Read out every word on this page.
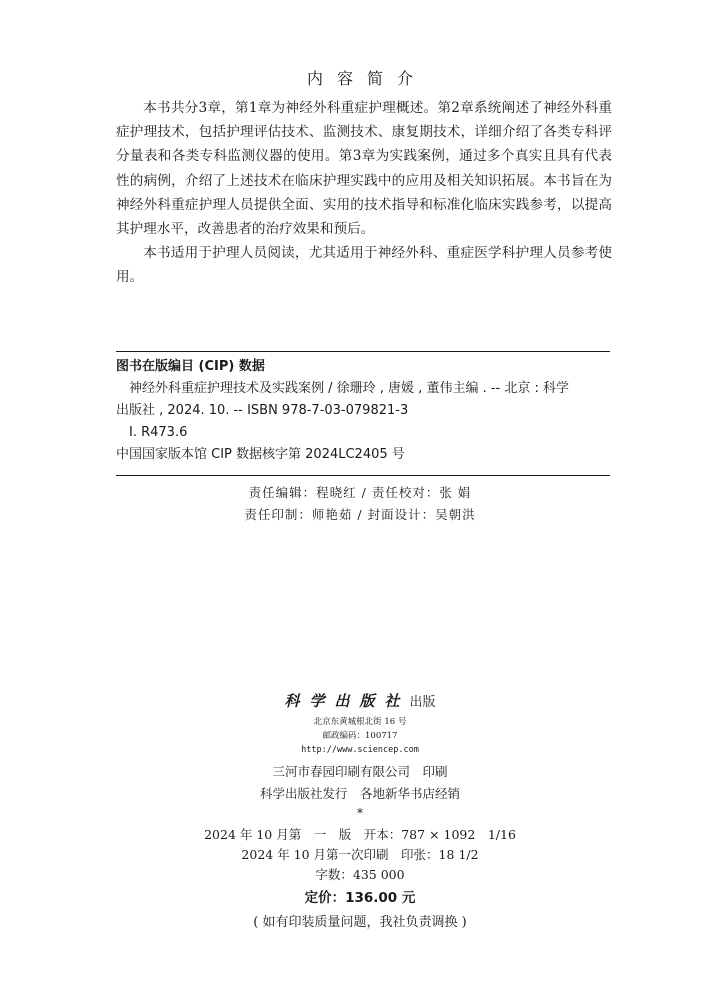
内容简介

本书共分3章，第1章为神经外科重症护理概述。第2章系统阐述了神经外科重症护理技术，包括护理评估技术、监测技术、康复期技术，详细介绍了各类专科评分量表和各类专科监测仪器的使用。第3章为实践案例，通过多个真实且具有代表性的病例，介绍了上述技术在临床护理实践中的应用及相关知识拓展。本书旨在为神经外科重症护理人员提供全面、实用的技术指导和标准化临床实践参考，以提高其护理水平，改善患者的治疗效果和预后。

本书适用于护理人员阅读，尤其适用于神经外科、重症医学科护理人员参考使用。

图书在版编目 (CIP) 数据
神经外科重症护理技术及实践案例 / 徐珊玲 , 唐媛 , 董伟主编 . -- 北京 : 科学
出版社 , 2024. 10. -- ISBN 978-7-03-079821-3
Ⅰ. R473.6
中国国家版本馆 CIP 数据核字第 2024LC2405 号
责任编辑：程晓红 / 责任校对：张 娟
责任印制：师艳茹 / 封面设计：吴朝洪
科学出版社出版
北京东黄城根北街 16 号
邮政编码：100717
http://www.sciencep.com
三河市春园印刷有限公司　印刷
科学出版社发行　各地新华书店经销
*
2024 年 10 月第　一　版　开本：787 × 1092　1/16
2024 年 10 月第一次印刷　印张：18 1/2
字数：435 000
定价：136.00 元
( 如有印装质量问题，我社负责调换 )
